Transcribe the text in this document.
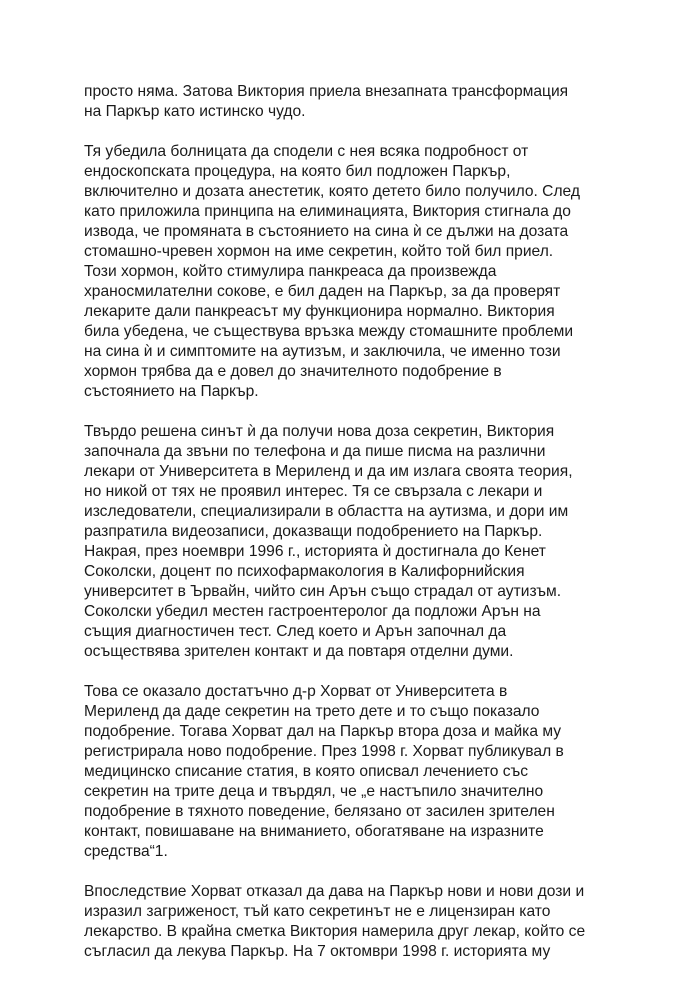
просто няма. Затова Виктория приела внезапната трансформация
на Паркър като истинско чудо.
Тя убедила болницата да сподели с нея всяка подробност от
ендоскопската процедура, на която бил подложен Паркър,
включително и дозата анестетик, която детето било получило. След
като приложила принципа на елиминацията, Виктория стигнала до
извода, че промяната в състоянието на сина ѝ се дължи на дозата
стомашно-чревен хормон на име секретин, който той бил приел.
Този хормон, който стимулира панкреаса да произвежда
храносмилателни сокове, е бил даден на Паркър, за да проверят
лекарите дали панкреасът му функционира нормално. Виктория
била убедена, че съществува връзка между стомашните проблеми
на сина ѝ и симптомите на аутизъм, и заключила, че именно този
хормон трябва да е довел до значителното подобрение в
състоянието на Паркър.
Твърдо решена синът ѝ да получи нова доза секретин, Виктория
започнала да звъни по телефона и да пише писма на различни
лекари от Университета в Мериленд и да им излага своята теория,
но никой от тях не проявил интерес. Тя се свързала с лекари и
изследователи, специализирали в областта на аутизма, и дори им
разпратила видеозаписи, доказващи подобрението на Паркър.
Накрая, през ноември 1996 г., историята ѝ достигнала до Кенет
Соколски, доцент по психофармакология в Калифорнийския
университет в Ървайн, чийто син Арън също страдал от аутизъм.
Соколски убедил местен гастроентеролог да подложи Арън на
същия диагностичен тест. След което и Арън започнал да
осъществява зрителен контакт и да повтаря отделни думи.
Това се оказало достатъчно д-р Хорват от Университета в
Мериленд да даде секретин на трето дете и то също показало
подобрение. Тогава Хорват дал на Паркър втора доза и майка му
регистрирала ново подобрение. През 1998 г. Хорват публикувал в
медицинско списание статия, в която описвал лечението със
секретин на трите деца и твърдял, че „е настъпило значително
подобрение в тяхното поведение, белязано от засилен зрителен
контакт, повишаване на вниманието, обогатяване на изразните
средства“1.
Впоследствие Хорват отказал да дава на Паркър нови и нови дози и
изразил загриженост, тъй като секретинът не е лицензиран като
лекарство. В крайна сметка Виктория намерила друг лекар, който се
съгласил да лекува Паркър. На 7 октомври 1998 г. историята му
